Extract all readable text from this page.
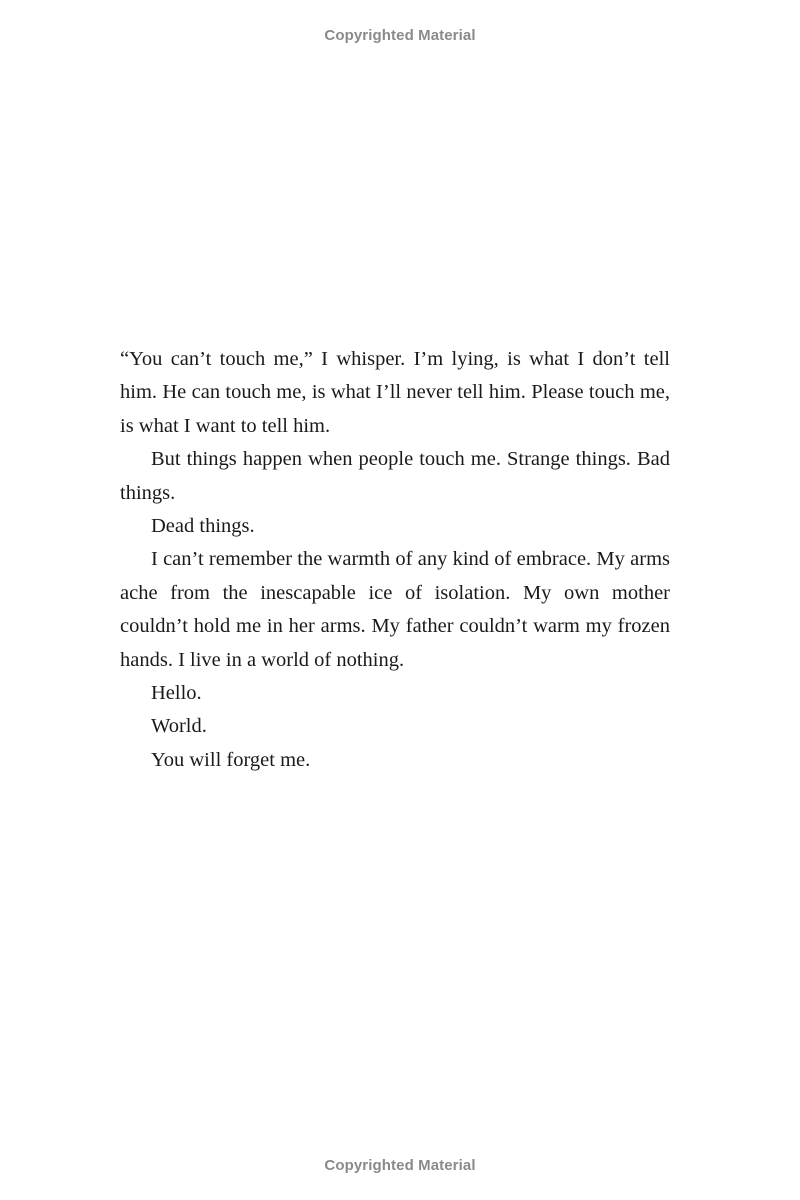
Copyrighted Material

“You can’t touch me,” I whisper. I’m lying, is what I don’t tell him. He can touch me, is what I’ll never tell him. Please touch me, is what I want to tell him.

But things happen when people touch me. Strange things. Bad things.

Dead things.

I can’t remember the warmth of any kind of embrace. My arms ache from the inescapable ice of isolation. My own mother couldn’t hold me in her arms. My father couldn’t warm my frozen hands. I live in a world of nothing.

Hello.

World.

You will forget me.

Copyrighted Material
